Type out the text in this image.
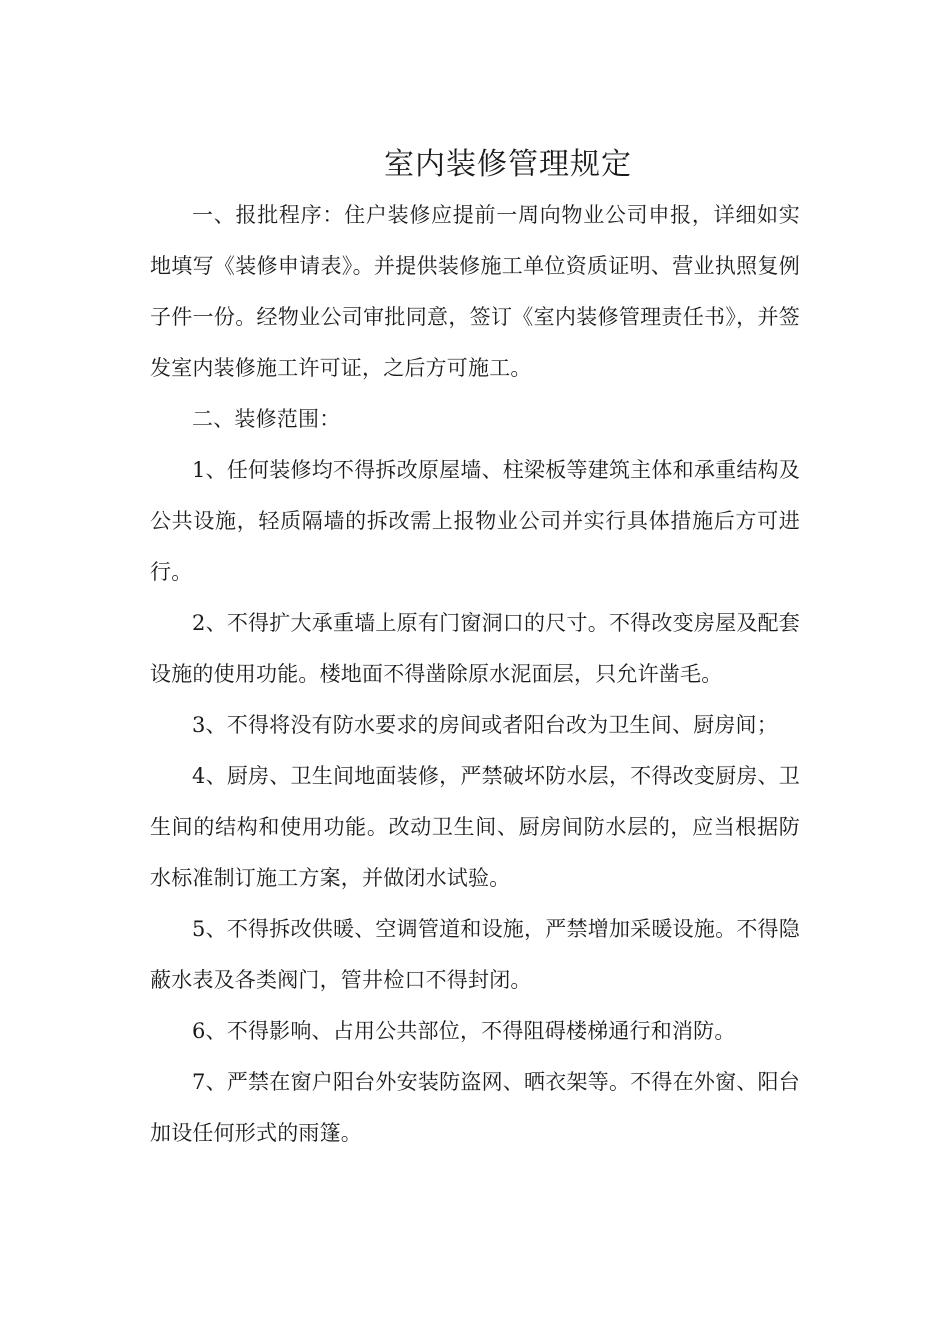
室内装修管理规定

一、报批程序：住户装修应提前一周向物业公司申报，详细如实地填写《装修申请表》。并提供装修施工单位资质证明、营业执照复例子件一份。经物业公司审批同意，签订《室内装修管理责任书》，并签发室内装修施工许可证，之后方可施工。

二、装修范围：

1、任何装修均不得拆改原屋墙、柱梁板等建筑主体和承重结构及公共设施，轻质隔墙的拆改需上报物业公司并实行具体措施后方可进行。

2、不得扩大承重墙上原有门窗洞口的尺寸。不得改变房屋及配套设施的使用功能。楼地面不得凿除原水泥面层，只允许凿毛。

3、不得将没有防水要求的房间或者阳台改为卫生间、厨房间；

4、厨房、卫生间地面装修，严禁破坏防水层，不得改变厨房、卫生间的结构和使用功能。改动卫生间、厨房间防水层的，应当根据防水标准制订施工方案，并做闭水试验。

5、不得拆改供暖、空调管道和设施，严禁增加采暖设施。不得隐蔽水表及各类阀门，管井检口不得封闭。

6、不得影响、占用公共部位，不得阻碍楼梯通行和消防。

7、严禁在窗户阳台外安装防盗网、晒衣架等。不得在外窗、阳台加设任何形式的雨篷。
